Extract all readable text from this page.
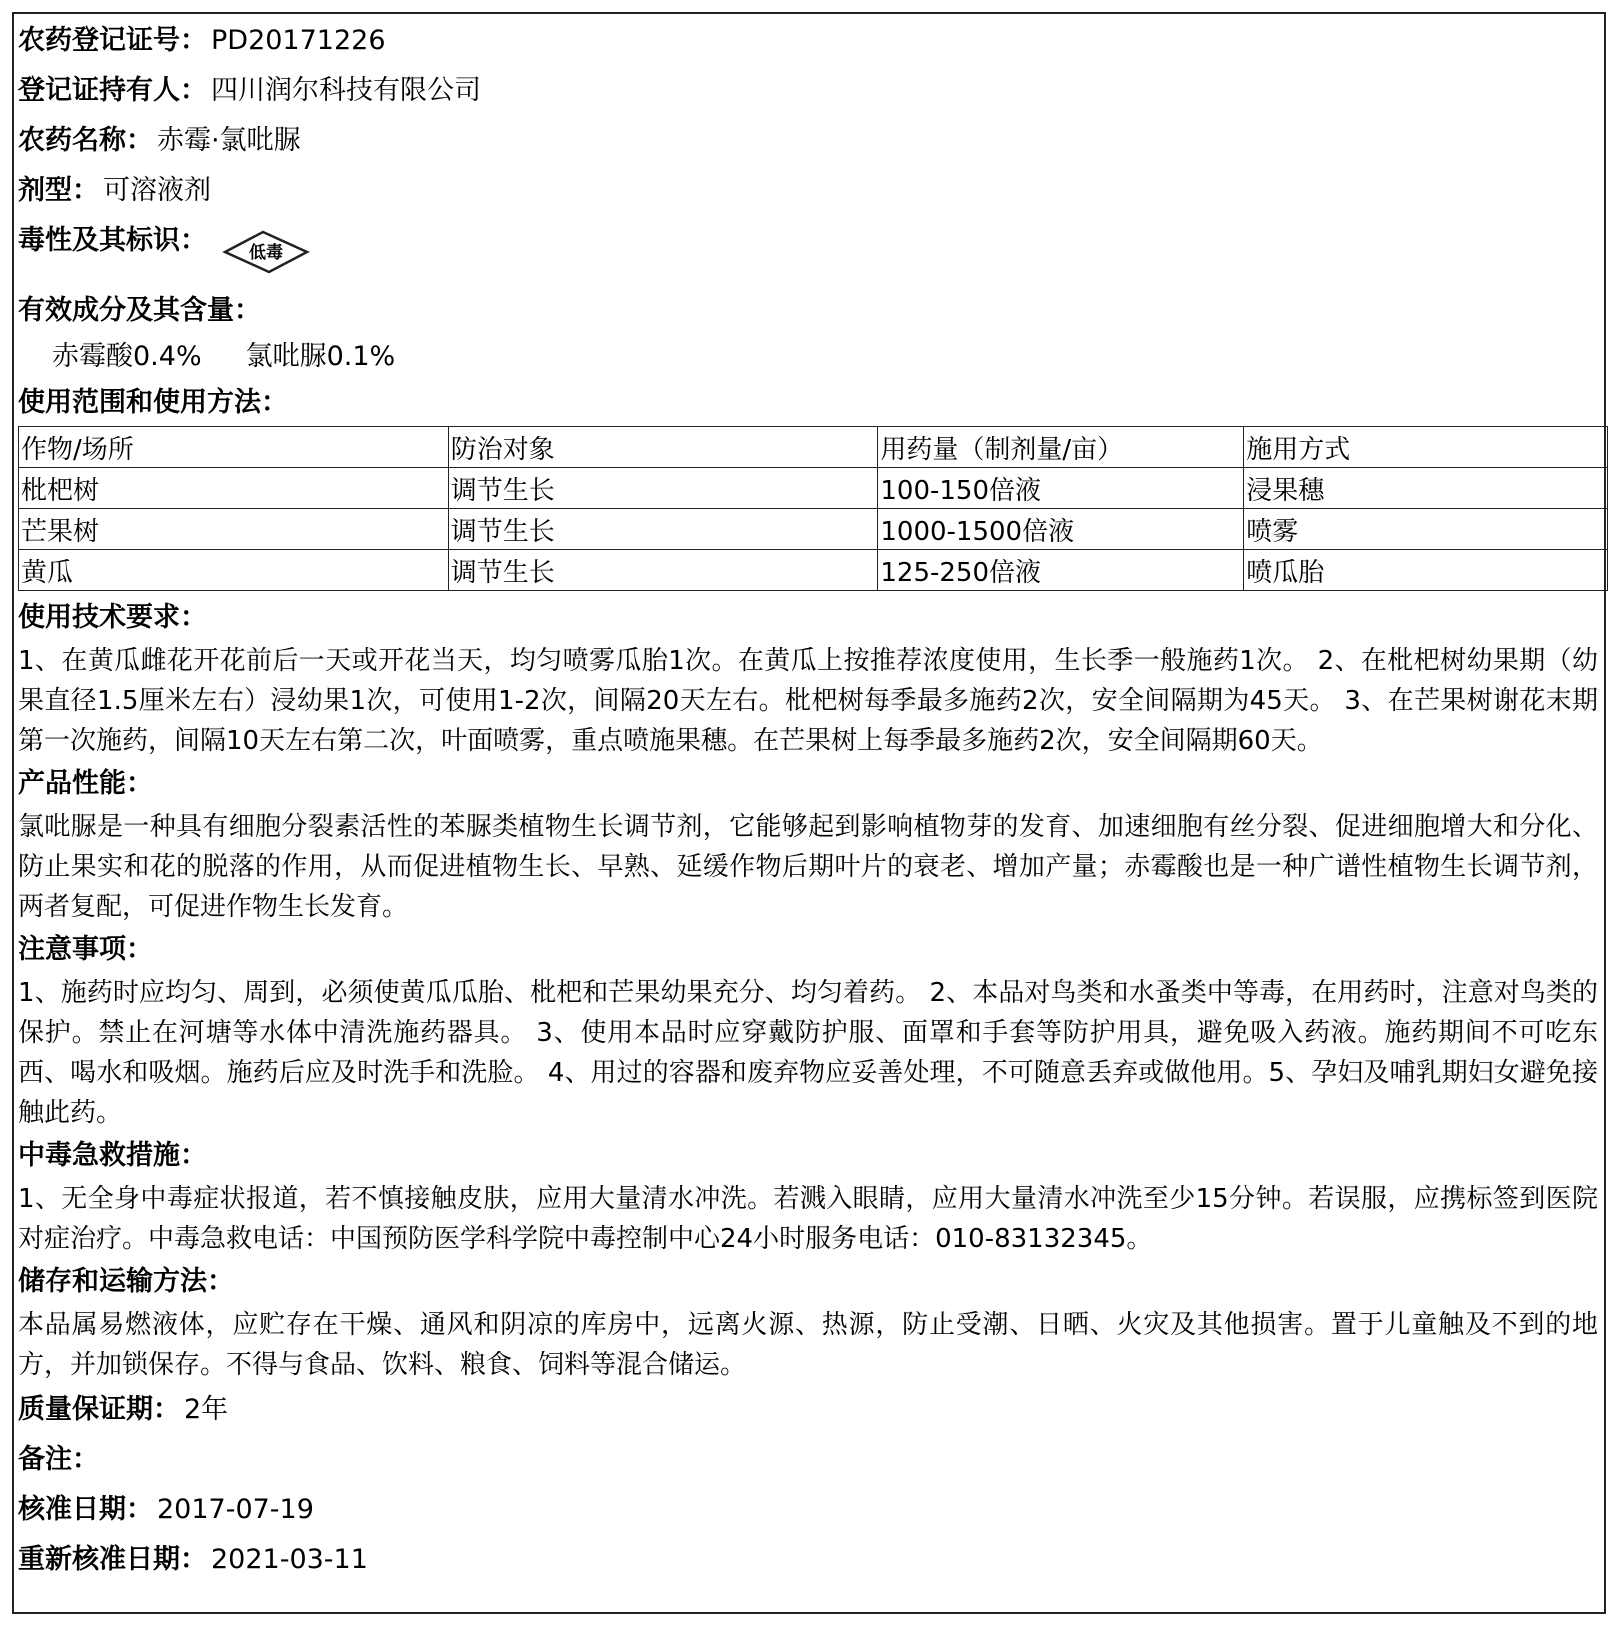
农药登记证号： PD20171226
登记证持有人： 四川润尔科技有限公司
农药名称： 赤霉·氯吡脲
剂型： 可溶液剂
毒性及其标识： 低毒
有效成分及其含量：
赤霉酸0.4% 氯吡脲0.1%
使用范围和使用方法：
作物/场所	防治对象	用药量（制剂量/亩）	施用方式
枇杷树	调节生长	100-150倍液	浸果穗
芒果树	调节生长	1000-1500倍液	喷雾
黄瓜	调节生长	125-250倍液	喷瓜胎
使用技术要求：
1、在黄瓜雌花开花前后一天或开花当天，均匀喷雾瓜胎1次。在黄瓜上按推荐浓度使用，生长季一般施药1次。 2、在枇杷树幼果期（幼果直径1.5厘米左右）浸幼果1次，可使用1-2次，间隔20天左右。枇杷树每季最多施药2次，安全间隔期为45天。 3、在芒果树谢花末期第一次施药，间隔10天左右第二次，叶面喷雾，重点喷施果穗。在芒果树上每季最多施药2次，安全间隔期60天。
产品性能：
氯吡脲是一种具有细胞分裂素活性的苯脲类植物生长调节剂，它能够起到影响植物芽的发育、加速细胞有丝分裂、促进细胞增大和分化、防止果实和花的脱落的作用，从而促进植物生长、早熟、延缓作物后期叶片的衰老、增加产量；赤霉酸也是一种广谱性植物生长调节剂，两者复配，可促进作物生长发育。
注意事项：
1、施药时应均匀、周到，必须使黄瓜瓜胎、枇杷和芒果幼果充分、均匀着药。 2、本品对鸟类和水蚤类中等毒，在用药时，注意对鸟类的保护。禁止在河塘等水体中清洗施药器具。 3、使用本品时应穿戴防护服、面罩和手套等防护用具，避免吸入药液。施药期间不可吃东西、喝水和吸烟。施药后应及时洗手和洗脸。 4、用过的容器和废弃物应妥善处理，不可随意丢弃或做他用。5、孕妇及哺乳期妇女避免接触此药。
中毒急救措施：
1、无全身中毒症状报道，若不慎接触皮肤，应用大量清水冲洗。若溅入眼睛，应用大量清水冲洗至少15分钟。若误服，应携标签到医院对症治疗。中毒急救电话：中国预防医学科学院中毒控制中心24小时服务电话：010-83132345。
储存和运输方法：
本品属易燃液体，应贮存在干燥、通风和阴凉的库房中，远离火源、热源，防止受潮、日晒、火灾及其他损害。置于儿童触及不到的地方，并加锁保存。不得与食品、饮料、粮食、饲料等混合储运。
质量保证期： 2年
备注：
核准日期： 2017-07-19
重新核准日期： 2021-03-11
